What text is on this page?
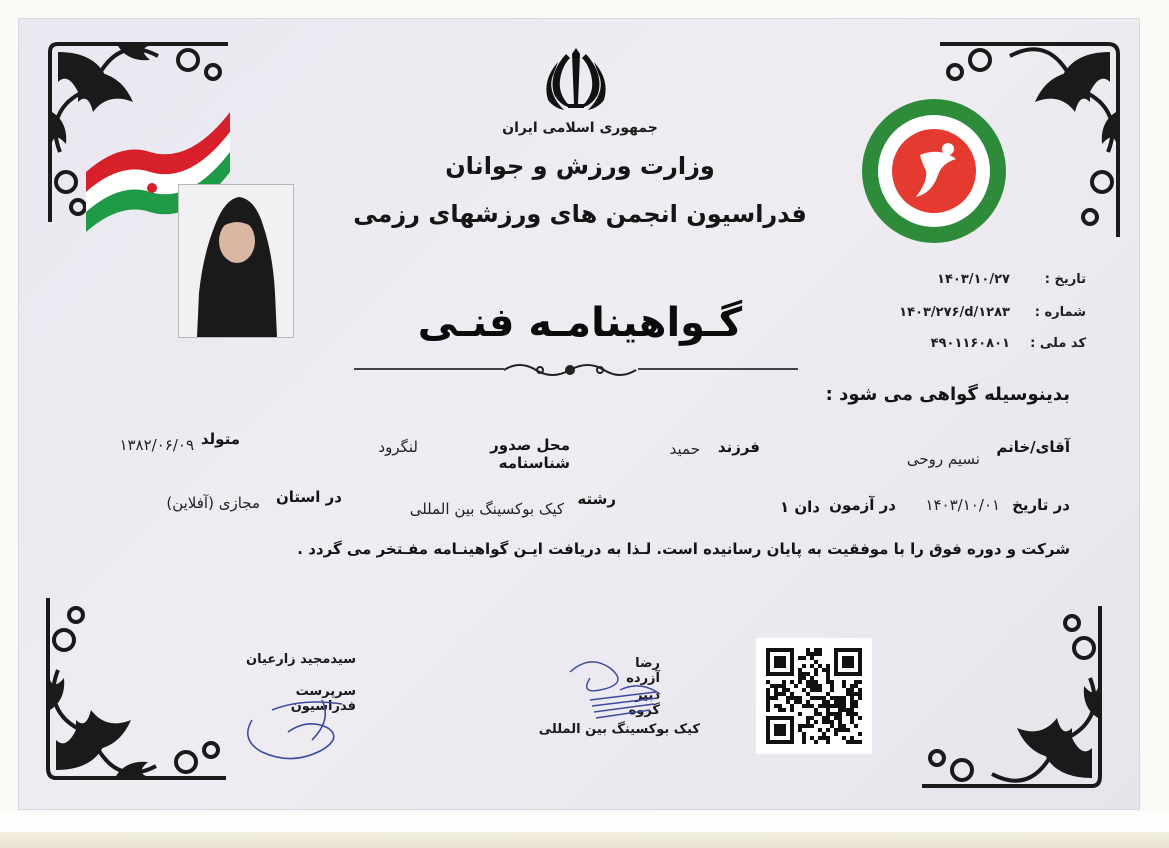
جمهوری اسلامی ایران
وزارت ورزش و جوانان
فدراسیون انجمن های ورزشهای رزمی
تاریخ :
۱۴۰۳/۱۰/۲۷
شماره :
۱۴۰۳/۲۷۶/d/۱۲۸۳
کد ملی :
۴۹۰۱۱۶۰۸۰۱
گـواهینامـه فنـی
بدینوسیله گواهی می شود :
آقای/خانم
نسیم روحی
فرزند
حمید
محل صدور شناسنامه
لنگرود
متولد
۱۳۸۲/۰۶/۰۹
در تاریخ
۱۴۰۳/۱۰/۰۱
در آزمون
دان ۱
رشته
کیک بوکسینگ بین المللی
در استان
مجازی (آفلاین)
شرکت و دوره فوق را با موفقیت به پایان رسانیده است. لـذا به دریافت ایـن گواهینـامه مفـتخر می گردد .
رضا آزرده
دبیر گروه
کیک بوکسینگ بین المللی
سیدمجید زارعیان
سرپرست فدراسیون
